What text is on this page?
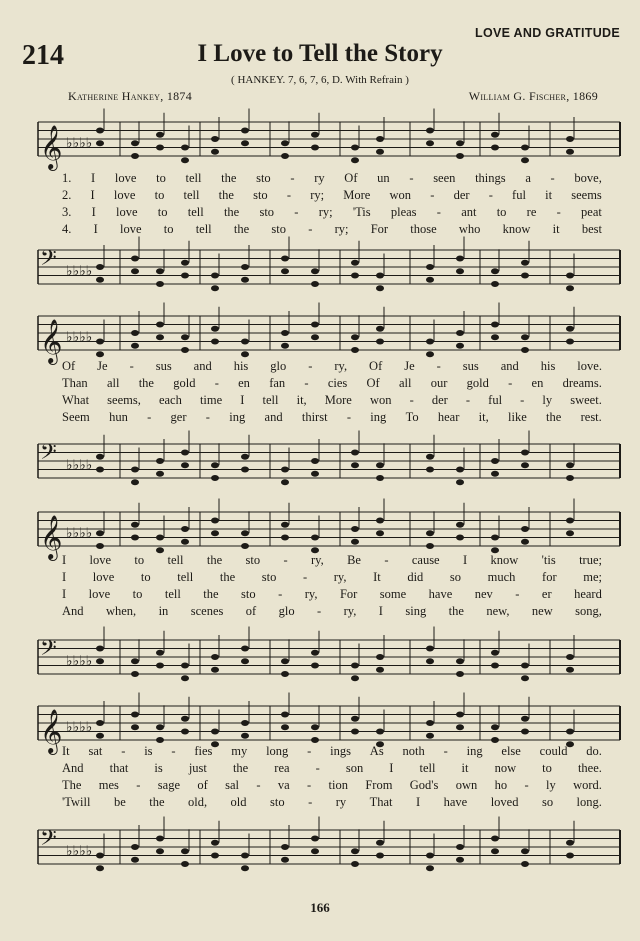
214	I Love to Tell the Story
LOVE AND GRATITUDE
( HANKEY. 7, 6, 7, 6, D. With Refrain )
Katherine Hankey, 1874	William G. Fischer, 1869
𝄞 ♭♭♭♭
1. I love to tell the sto - ry Of un - seen things a - bove,
2. I love to tell the sto - ry; More won - der - ful it seems
3. I love to tell the sto - ry; 'Tis pleas - ant to re - peat
4. I love to tell the sto - ry; For those who know it best
𝄢 ♭♭♭♭
𝄞 ♭♭♭♭
Of Je - sus and his glo - ry, Of Je - sus and his love.
Than all the gold - en fan - cies Of all our gold - en dreams.
What seems, each time I tell it, More won - der - ful - ly sweet.
Seem hun - ger - ing and thirst - ing To hear it, like the rest.
𝄢 ♭♭♭♭
𝄞 ♭♭♭♭
I love to tell the sto - ry, Be - cause I know 'tis true;
I love to tell the sto - ry, It did so much for me;
I love to tell the sto - ry, For some have nev - er heard
And when, in scenes of glo - ry, I sing the new, new song,
𝄢 ♭♭♭♭
𝄞 ♭♭♭♭
It sat - is - fies my long - ings As noth - ing else could do.
And that is just the rea - son I tell it now to thee.
The mes - sage of sal - va - tion From God's own ho - ly word.
'Twill be the old, old sto - ry That I have loved so long.
𝄢 ♭♭♭♭
166
